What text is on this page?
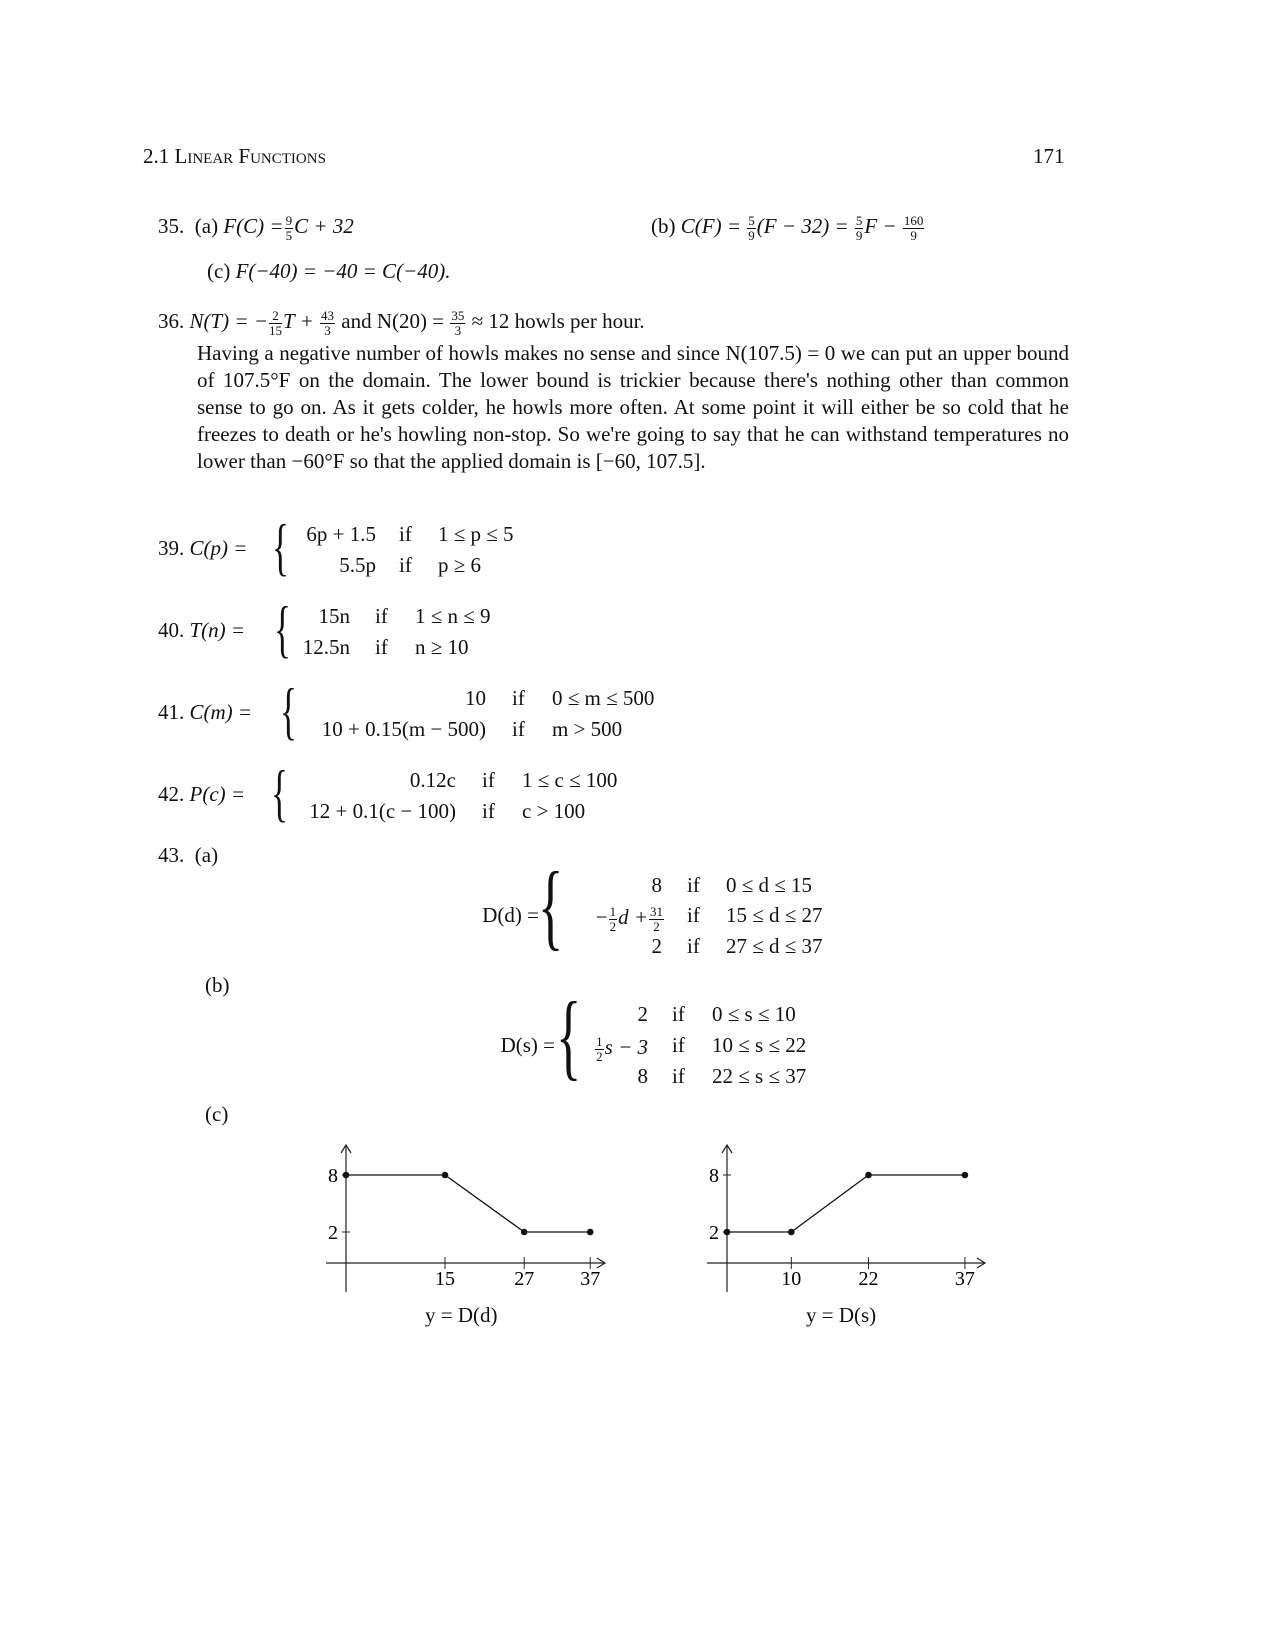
2.1 Linear Functions	171
35. (a) $F(C) = \frac{9}{5}$ C + 32	(b) $C(F) = \frac{5}{9} (F - 32) = \frac{5}{9}$ $F - \frac{160}{9}$
(c) F(−40) = −40 = C(−40).
36. N(T) = − $\frac{2}{15}$ $T + \frac{43}{3}$ and $N(20) = \frac{35}{3} \approx 12$ howls per hour.
Having a negative number of howls makes no sense and since N(107.5) = 0 we can put an upper bound of 107.5°F on the domain. The lower bound is trickier because there's nothing other than common sense to go on. As it gets colder, he howls more often. At some point it will either be so cold that he freezes to death or he's howling non-stop. So we're going to say that he can withstand temperatures no lower than −60°F so that the applied domain is [−60, 107.5].
39. C(p) = { 6p + 1.5 if 1 ≤ p ≤ 5
5.5p if p ≥ 6
40. T(n) = { 15n if 1 ≤ n ≤ 9
12.5n if n ≥ 10
41. C(m) = {	10 if 0 ≤ m ≤ 500
10 + 0.15(m − 500) if m > 500
42. P(c) = {	0.12c if 1 ≤ c ≤ 100
12 + 0.1(c − 100) if c > 100
43. (a)
D(d) = {	8 if 0 ≤ d ≤ 15
− $\frac{1}{2}$ $d + \frac{31}{2}$ if 15 ≤ d ≤ 27
2 if 27 ≤ d ≤ 37
(b)
D(s) = {	2 if 0 ≤ s ≤ 10
$\frac{1}{2}$ s − 3 if 10 ≤ s ≤ 22
8 if 22 ≤ s ≤ 37
(c)
8
2
15	27 37
8
2
10	22	37
y = D(d)	y = D(s)
